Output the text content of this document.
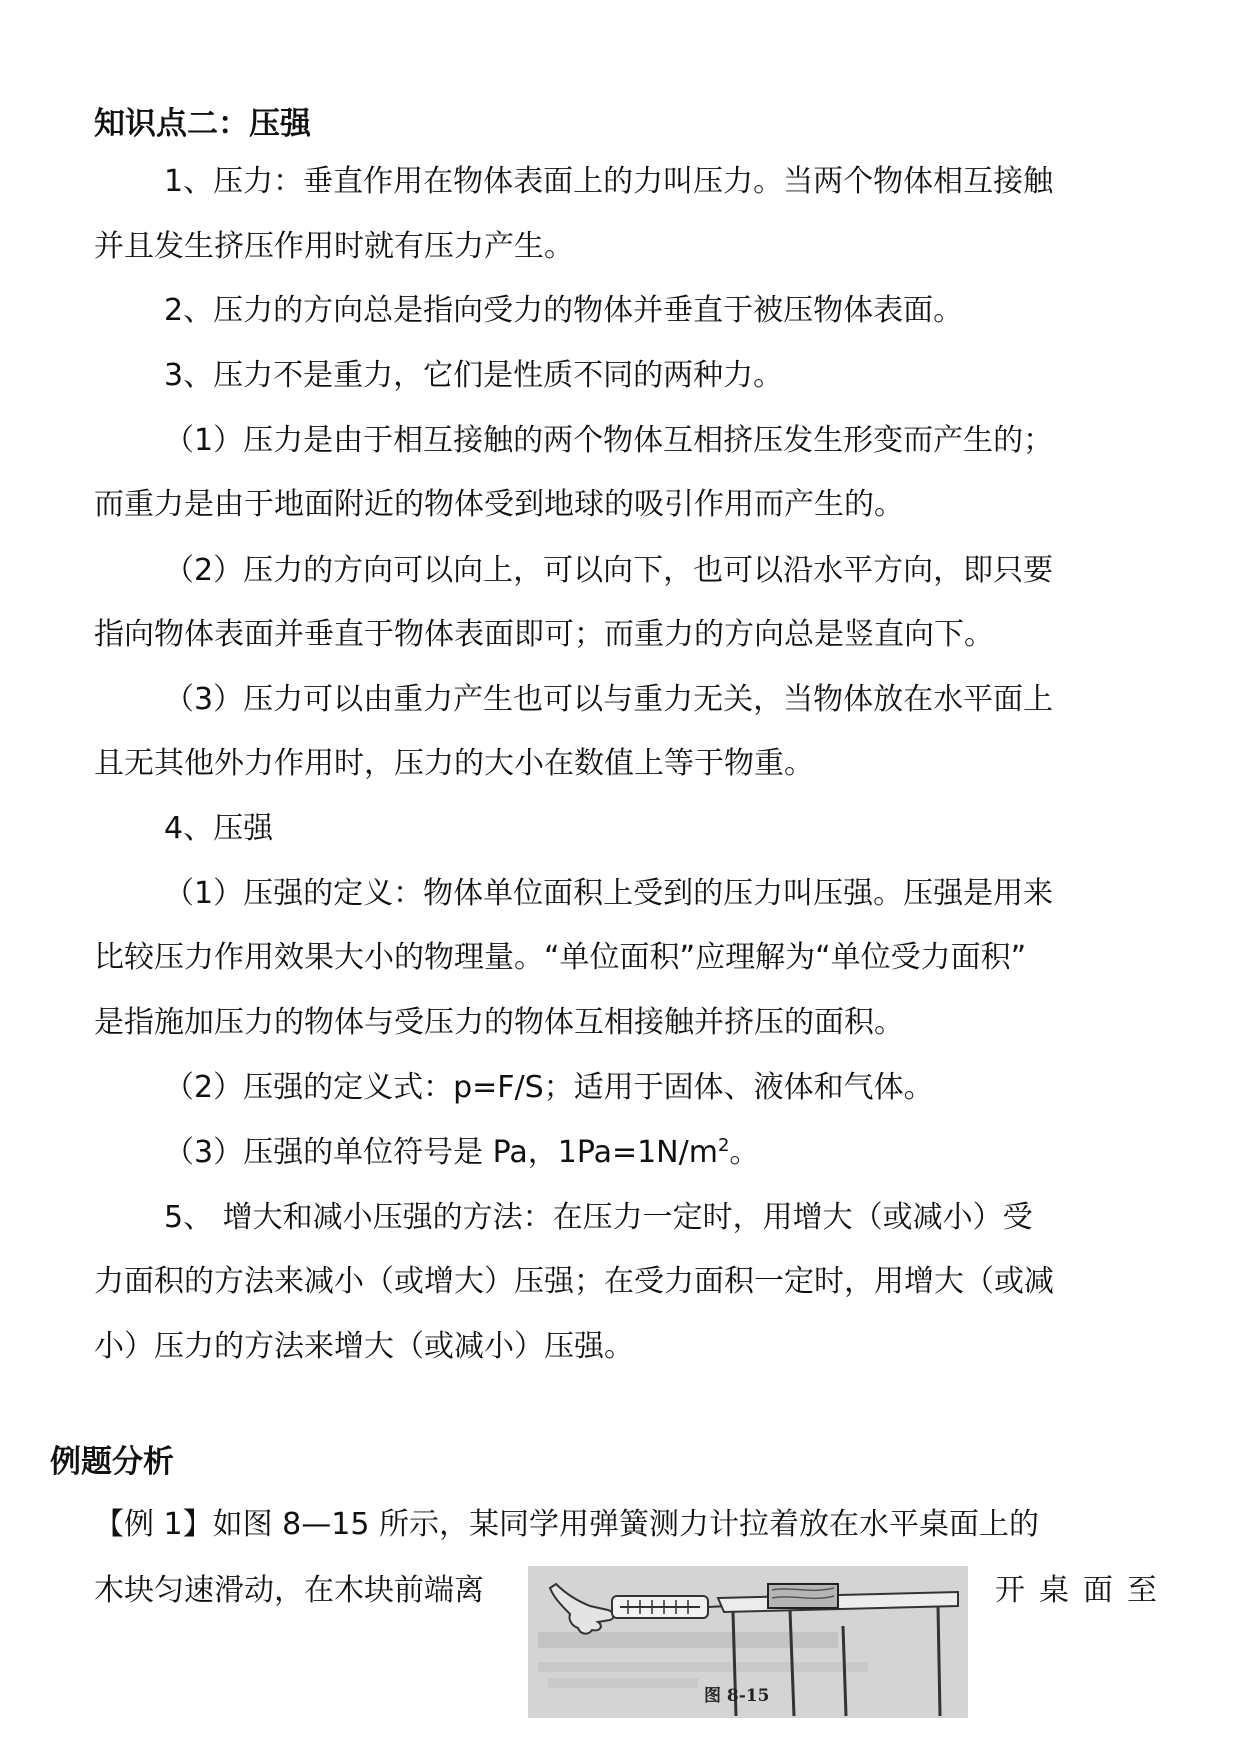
知识点二：压强
1、压力：垂直作用在物体表面上的力叫压力。当两个物体相互接触
并且发生挤压作用时就有压力产生。
2、压力的方向总是指向受力的物体并垂直于被压物体表面。
3、压力不是重力，它们是性质不同的两种力。
（1）压力是由于相互接触的两个物体互相挤压发生形变而产生的；
而重力是由于地面附近的物体受到地球的吸引作用而产生的。
（2）压力的方向可以向上，可以向下，也可以沿水平方向，即只要
指向物体表面并垂直于物体表面即可；而重力的方向总是竖直向下。
（3）压力可以由重力产生也可以与重力无关，当物体放在水平面上
且无其他外力作用时，压力的大小在数值上等于物重。
4、压强
（1）压强的定义：物体单位面积上受到的压力叫压强。压强是用来
比较压力作用效果大小的物理量。“单位面积”应理解为“单位受力面积”
是指施加压力的物体与受压力的物体互相接触并挤压的面积。
（2）压强的定义式：p=F/S；适用于固体、液体和气体。
（3）压强的单位符号是 Pa，$1Pa=1N/m^2$。
5、 增大和减小压强的方法：在压力一定时，用增大（或减小）受
力面积的方法来减小（或增大）压强；在受力面积一定时，用增大（或减
小）压力的方法来增大（或减小）压强。
例题分析
【例 1】如图 8—15 所示，某同学用弹簧测力计拉着放在水平桌面上的
木块匀速滑动，在木块前端离
图 8-15
开桌面至
